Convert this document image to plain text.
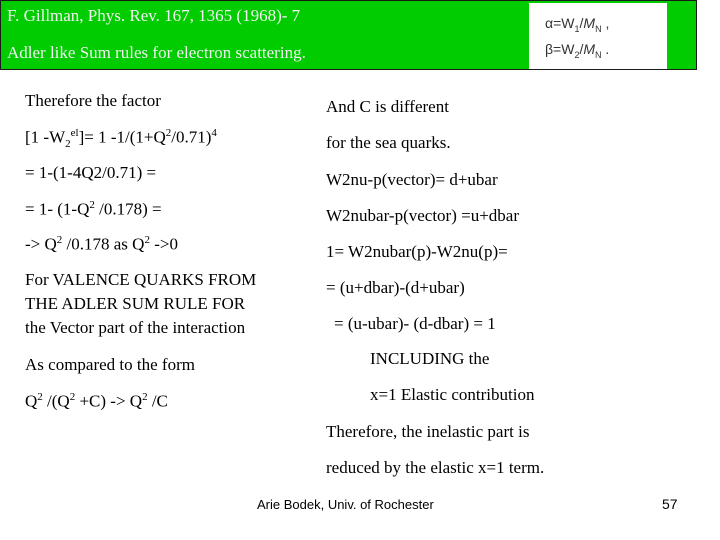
F. Gillman, Phys. Rev. 167, 1365 (1968)- 7
Adler like Sum rules for electron scattering.
$\alpha=W_1/M_N$ ,
$\beta=W_2/M_N$ .
Therefore the factor
[1 $-W_2^{el}]= 1$ $-1/(1+Q^2/0.71)^4$
= 1-(1-4Q2/0.71) =
= 1- ($1-Q^2$ /0.178) =
-> $Q^2$ /0.178 as $Q^2$ ->0
For VALENCE QUARKS FROM
THE ADLER SUM RULE FOR
the Vector part of the interaction
As compared to the form
$Q^2$ $/(Q^2 +C) -> Q^2$ /C
And C is different
for the sea quarks.
W2nu-p(vector)= d+ubar
W2nubar-p(vector) =u+dbar
1= W2nubar(p)-W2nu(p)=
= (u+dbar)-(d+ubar)
= (u-ubar)- (d-dbar) = 1
INCLUDING the
x=1 Elastic contribution
Therefore, the inelastic part is
reduced by the elastic x=1 term.
Arie Bodek, Univ. of Rochester	57
